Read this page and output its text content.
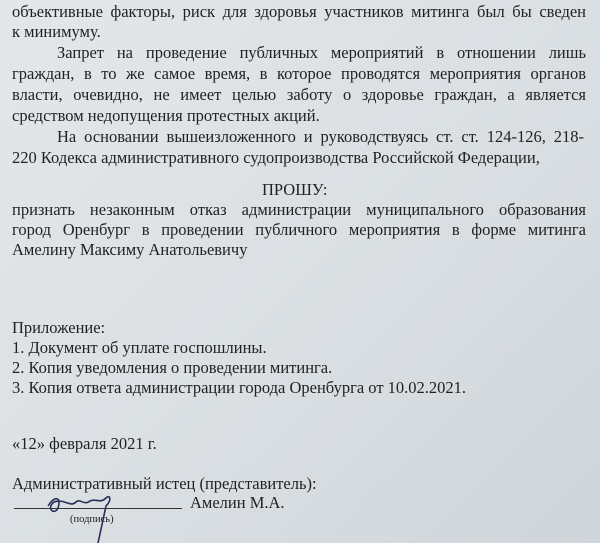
объективные факторы, риск для здоровья участников митинга был бы сведен
к минимуму.
Запрет на проведение публичных мероприятий в отношении лишь
граждан, в то же самое время, в которое проводятся мероприятия органов
власти, очевидно, не имеет целью заботу о здоровье граждан, а является
средством недопущения протестных акций.
На основании вышеизложенного и руководствуясь ст. ст. 124-126, 218-
220 Кодекса административного судопроизводства Российской Федерации,
ПРОШУ:
признать незаконным отказ администрации муниципального образования
город Оренбург в проведении публичного мероприятия в форме митинга
Амелину Максиму Анатольевичу
Приложение:
1. Документ об уплате госпошлины.
2. Копия уведомления о проведении митинга.
3. Копия ответа администрации города Оренбурга от 10.02.2021.
«12» февраля 2021 г.
Административный истец (представитель):
Амелин М.А.
(подпись)
